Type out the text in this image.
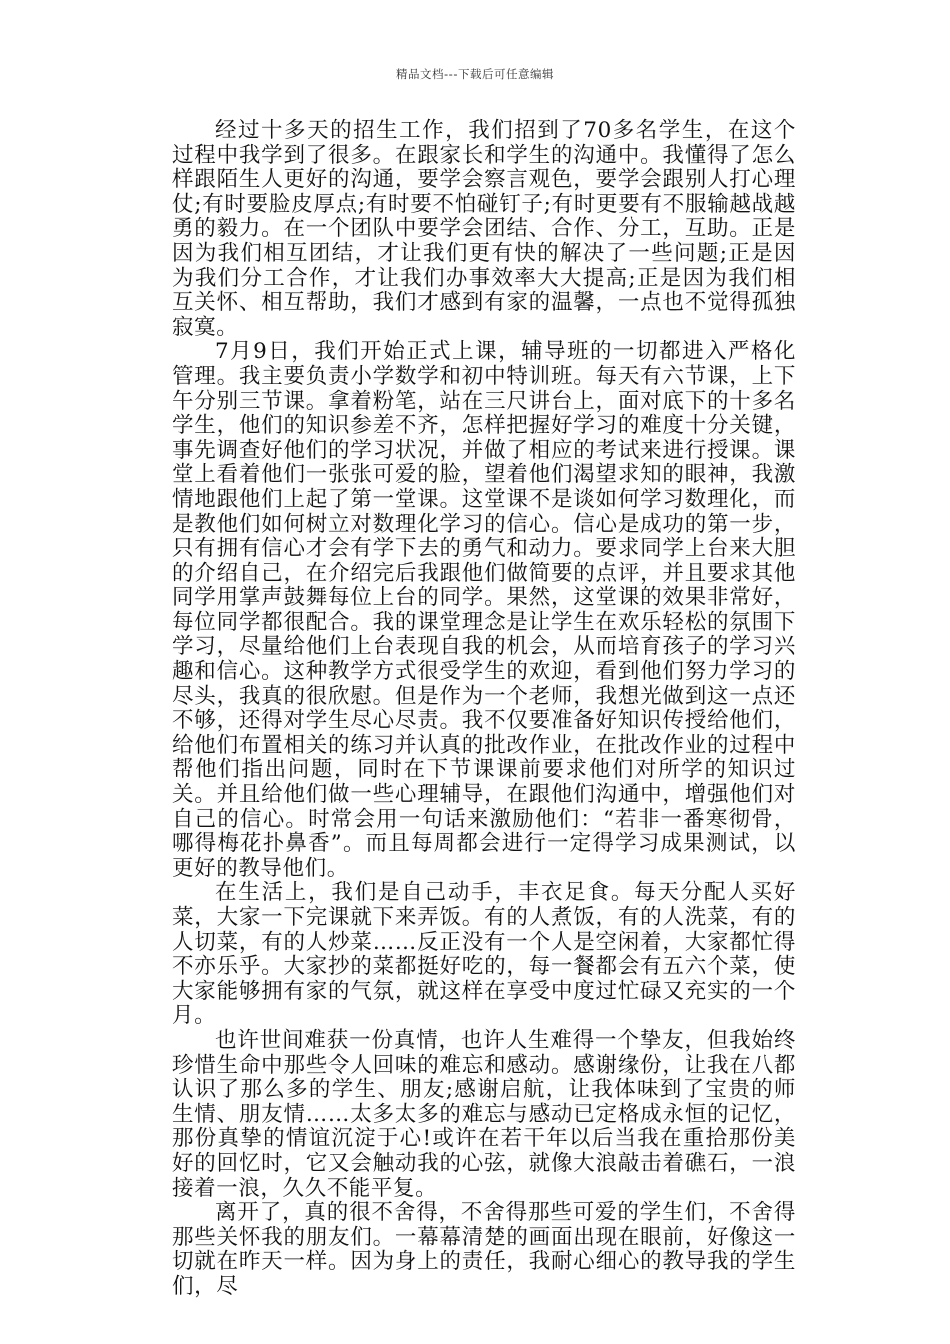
精品文档---下载后可任意编辑

经过十多天的招生工作，我们招到了70多名学生，在这个过程中我学到了很多。在跟家长和学生的沟通中。我懂得了怎么样跟陌生人更好的沟通，要学会察言观色，要学会跟别人打心理仗;有时要脸皮厚点;有时要不怕碰钉子;有时更要有不服输越战越勇的毅力。在一个团队中要学会团结、合作、分工，互助。正是因为我们相互团结，才让我们更有快的解决了一些问题;正是因为我们分工合作，才让我们办事效率大大提高;正是因为我们相互关怀、相互帮助，我们才感到有家的温馨，一点也不觉得孤独寂寞。

7月9日，我们开始正式上课，辅导班的一切都进入严格化管理。我主要负责小学数学和初中特训班。每天有六节课，上下午分别三节课。拿着粉笔，站在三尺讲台上，面对底下的十多名学生，他们的知识参差不齐，怎样把握好学习的难度十分关键，事先调查好他们的学习状况，并做了相应的考试来进行授课。课堂上看着他们一张张可爱的脸，望着他们渴望求知的眼神，我激情地跟他们上起了第一堂课。这堂课不是谈如何学习数理化，而是教他们如何树立对数理化学习的信心。信心是成功的第一步，只有拥有信心才会有学下去的勇气和动力。要求同学上台来大胆的介绍自己，在介绍完后我跟他们做简要的点评，并且要求其他同学用掌声鼓舞每位上台的同学。果然，这堂课的效果非常好，每位同学都很配合。我的课堂理念是让学生在欢乐轻松的氛围下学习，尽量给他们上台表现自我的机会，从而培育孩子的学习兴趣和信心。这种教学方式很受学生的欢迎，看到他们努力学习的尽头，我真的很欣慰。但是作为一个老师，我想光做到这一点还不够，还得对学生尽心尽责。我不仅要准备好知识传授给他们，给他们布置相关的练习并认真的批改作业，在批改作业的过程中帮他们指出问题，同时在下节课课前要求他们对所学的知识过关。并且给他们做一些心理辅导，在跟他们沟通中，增强他们对自己的信心。时常会用一句话来激励他们：“若非一番寒彻骨，哪得梅花扑鼻香”。而且每周都会进行一定得学习成果测试，以更好的教导他们。

在生活上，我们是自己动手，丰衣足食。每天分配人买好菜，大家一下完课就下来弄饭。有的人煮饭，有的人洗菜，有的人切菜，有的人炒菜……反正没有一个人是空闲着，大家都忙得不亦乐乎。大家抄的菜都挺好吃的，每一餐都会有五六个菜，使大家能够拥有家的气氛，就这样在享受中度过忙碌又充实的一个月。

也许世间难获一份真情，也许人生难得一个挚友，但我始终珍惜生命中那些令人回味的难忘和感动。感谢缘份，让我在八都认识了那么多的学生、朋友;感谢启航，让我体味到了宝贵的师生情、朋友情……太多太多的难忘与感动已定格成永恒的记忆，那份真挚的情谊沉淀于心!或许在若干年以后当我在重拾那份美好的回忆时，它又会触动我的心弦，就像大浪敲击着礁石，一浪接着一浪，久久不能平复。

离开了，真的很不舍得，不舍得那些可爱的学生们，不舍得那些关怀我的朋友们。一幕幕清楚的画面出现在眼前，好像这一切就在昨天一样。因为身上的责任，我耐心细心的教导我的学生们，尽
